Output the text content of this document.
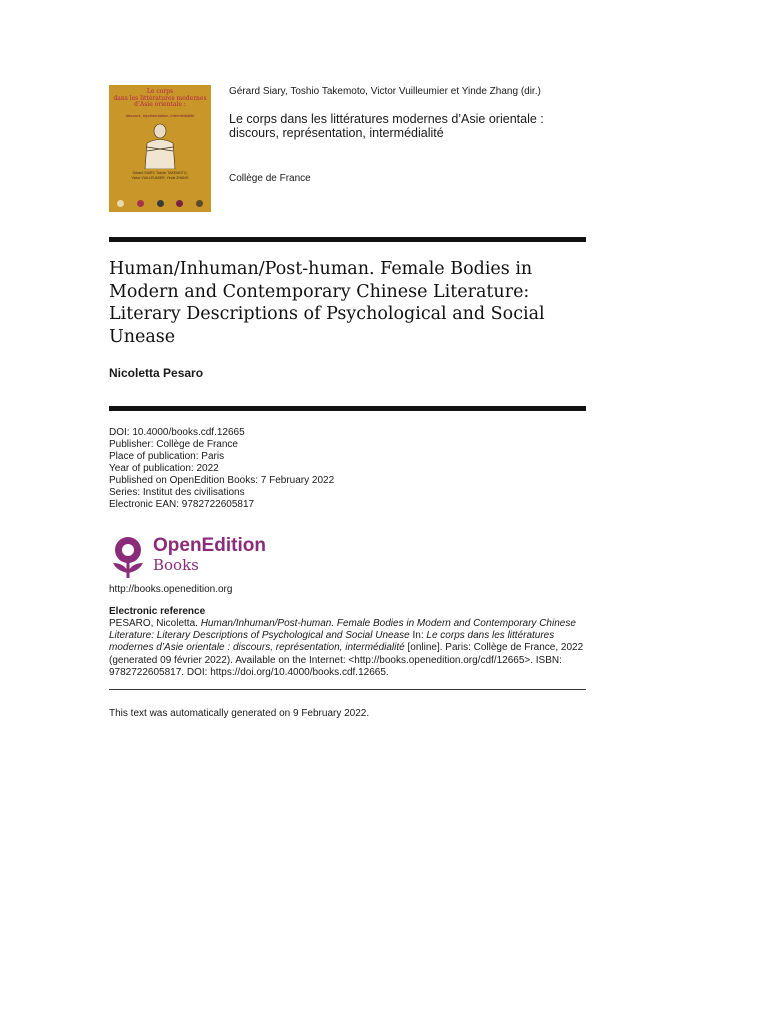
Le corps
dans les littératures modernes
d’Asie orientale :
discours, représentation, intermédialité
Gérard SIARY, Toshio TAKEMOTO,
Victor VUILLEUMIER, Yinde ZHANG
Gérard Siary, Toshio Takemoto, Victor Vuilleumier et Yinde Zhang (dir.)
Le corps dans les littératures modernes d’Asie orientale : discours, représentation, intermédialité
Collège de France
Human/Inhuman/Post-human. Female Bodies in Modern and Contemporary Chinese Literature: Literary Descriptions of Psychological and Social Unease
Nicoletta Pesaro
DOI: 10.4000/books.cdf.12665
Publisher: Collège de France
Place of publication: Paris
Year of publication: 2022
Published on OpenEdition Books: 7 February 2022
Series: Institut des civilisations
Electronic EAN: 9782722605817
OpenEdition
Books
http://books.openedition.org
Electronic reference
PESARO, Nicoletta. Human/Inhuman/Post-human. Female Bodies in Modern and Contemporary Chinese Literature: Literary Descriptions of Psychological and Social Unease In: Le corps dans les littératures modernes d’Asie orientale : discours, représentation, intermédialité [online]. Paris: Collège de France, 2022 (generated 09 février 2022). Available on the Internet: <http://books.openedition.org/cdf/12665>. ISBN: 9782722605817. DOI: https://doi.org/10.4000/books.cdf.12665.
This text was automatically generated on 9 February 2022.
